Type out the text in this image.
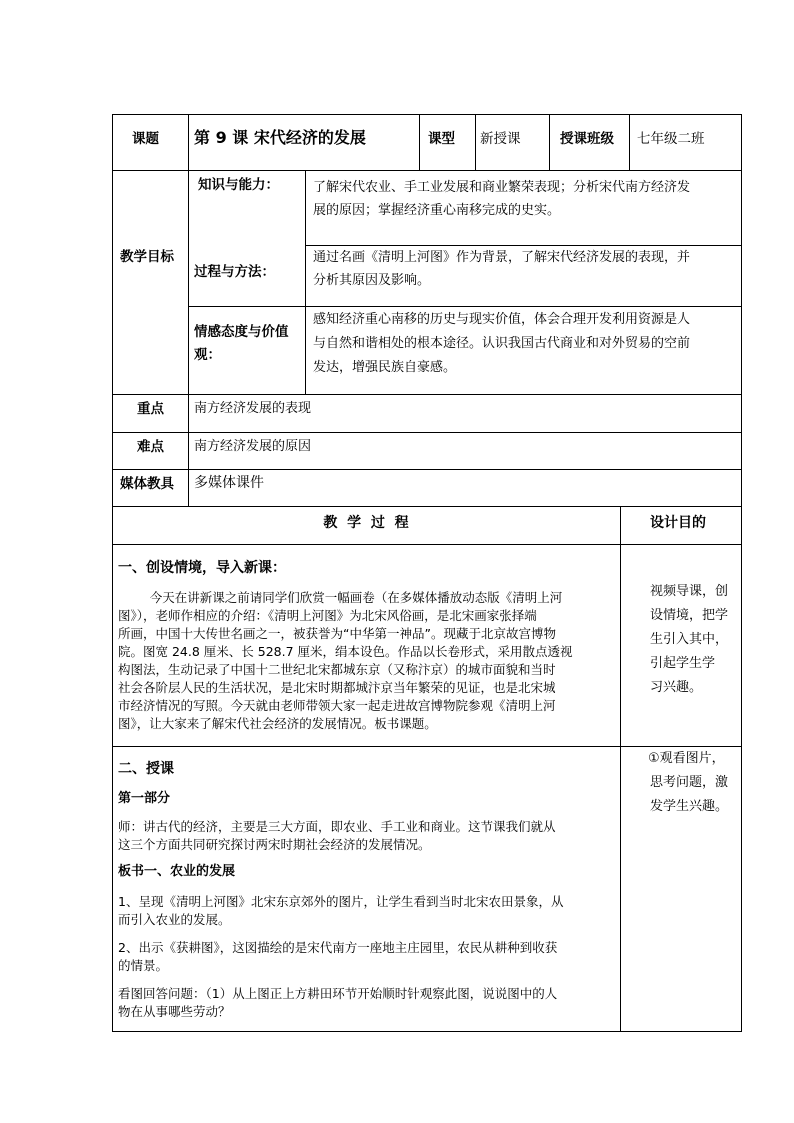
课题 第 9 课 宋代经济的发展	课型 新授课	授课班级 七年级二班
教学目标
知识与能力：	了解宋代农业、手工业发展和商业繁荣表现；分析宋代南方经济发
展的原因；掌握经济重心南移完成的史实。
过程与方法：
通过名画《清明上河图》作为背景，了解宋代经济发展的表现，并
分析其原因及影响。
情感态度与价值
观：
感知经济重心南移的历史与现实价值，体会合理开发利用资源是人
与自然和谐相处的根本途径。认识我国古代商业和对外贸易的空前
发达，增强民族自豪感。
重点 南方经济发展的表现
难点 南方经济发展的原因
媒体教具 多媒体课件
教  学  过  程	设计目的
一、创设情境，导入新课：
今天在讲新课之前请同学们欣赏一幅画卷（在多媒体播放动态版《清明上河
图》），老师作相应的介绍：《清明上河图》为北宋风俗画，是北宋画家张择端
所画，中国十大传世名画之一，被获誉为“中华第一神品”。现藏于北京故宫博物
院。图宽 24.8 厘米、长 528.7 厘米，绢本设色。作品以长卷形式，采用散点透视
构图法，生动记录了中国十二世纪北宋都城东京（又称汴京）的城市面貌和当时
社会各阶层人民的生活状况，是北宋时期都城汴京当年繁荣的见证，也是北宋城
市经济情况的写照。今天就由老师带领大家一起走进故宫博物院参观《清明上河
图》，让大家来了解宋代社会经济的发展情况。板书课题。
视频导课，创
设情境，把学
生引入其中，
引起学生学
习兴趣。
二、授课
第一部分
师：讲古代的经济，主要是三大方面，即农业、手工业和商业。这节课我们就从
这三个方面共同研究探讨两宋时期社会经济的发展情况。
板书一、农业的发展
1、呈现《清明上河图》北宋东京郊外的图片，让学生看到当时北宋农田景象，从
而引入农业的发展。
2、出示《获耕图》，这図描绘的是宋代南方一座地主庄园里，农民从耕种到收获
的情景。
看图回答问题：（1）从上图正上方耕田环节开始顺时针观察此图，说说图中的人
物在从事哪些劳动？
①观看图片，
思考问题，激
发学生兴趣。
